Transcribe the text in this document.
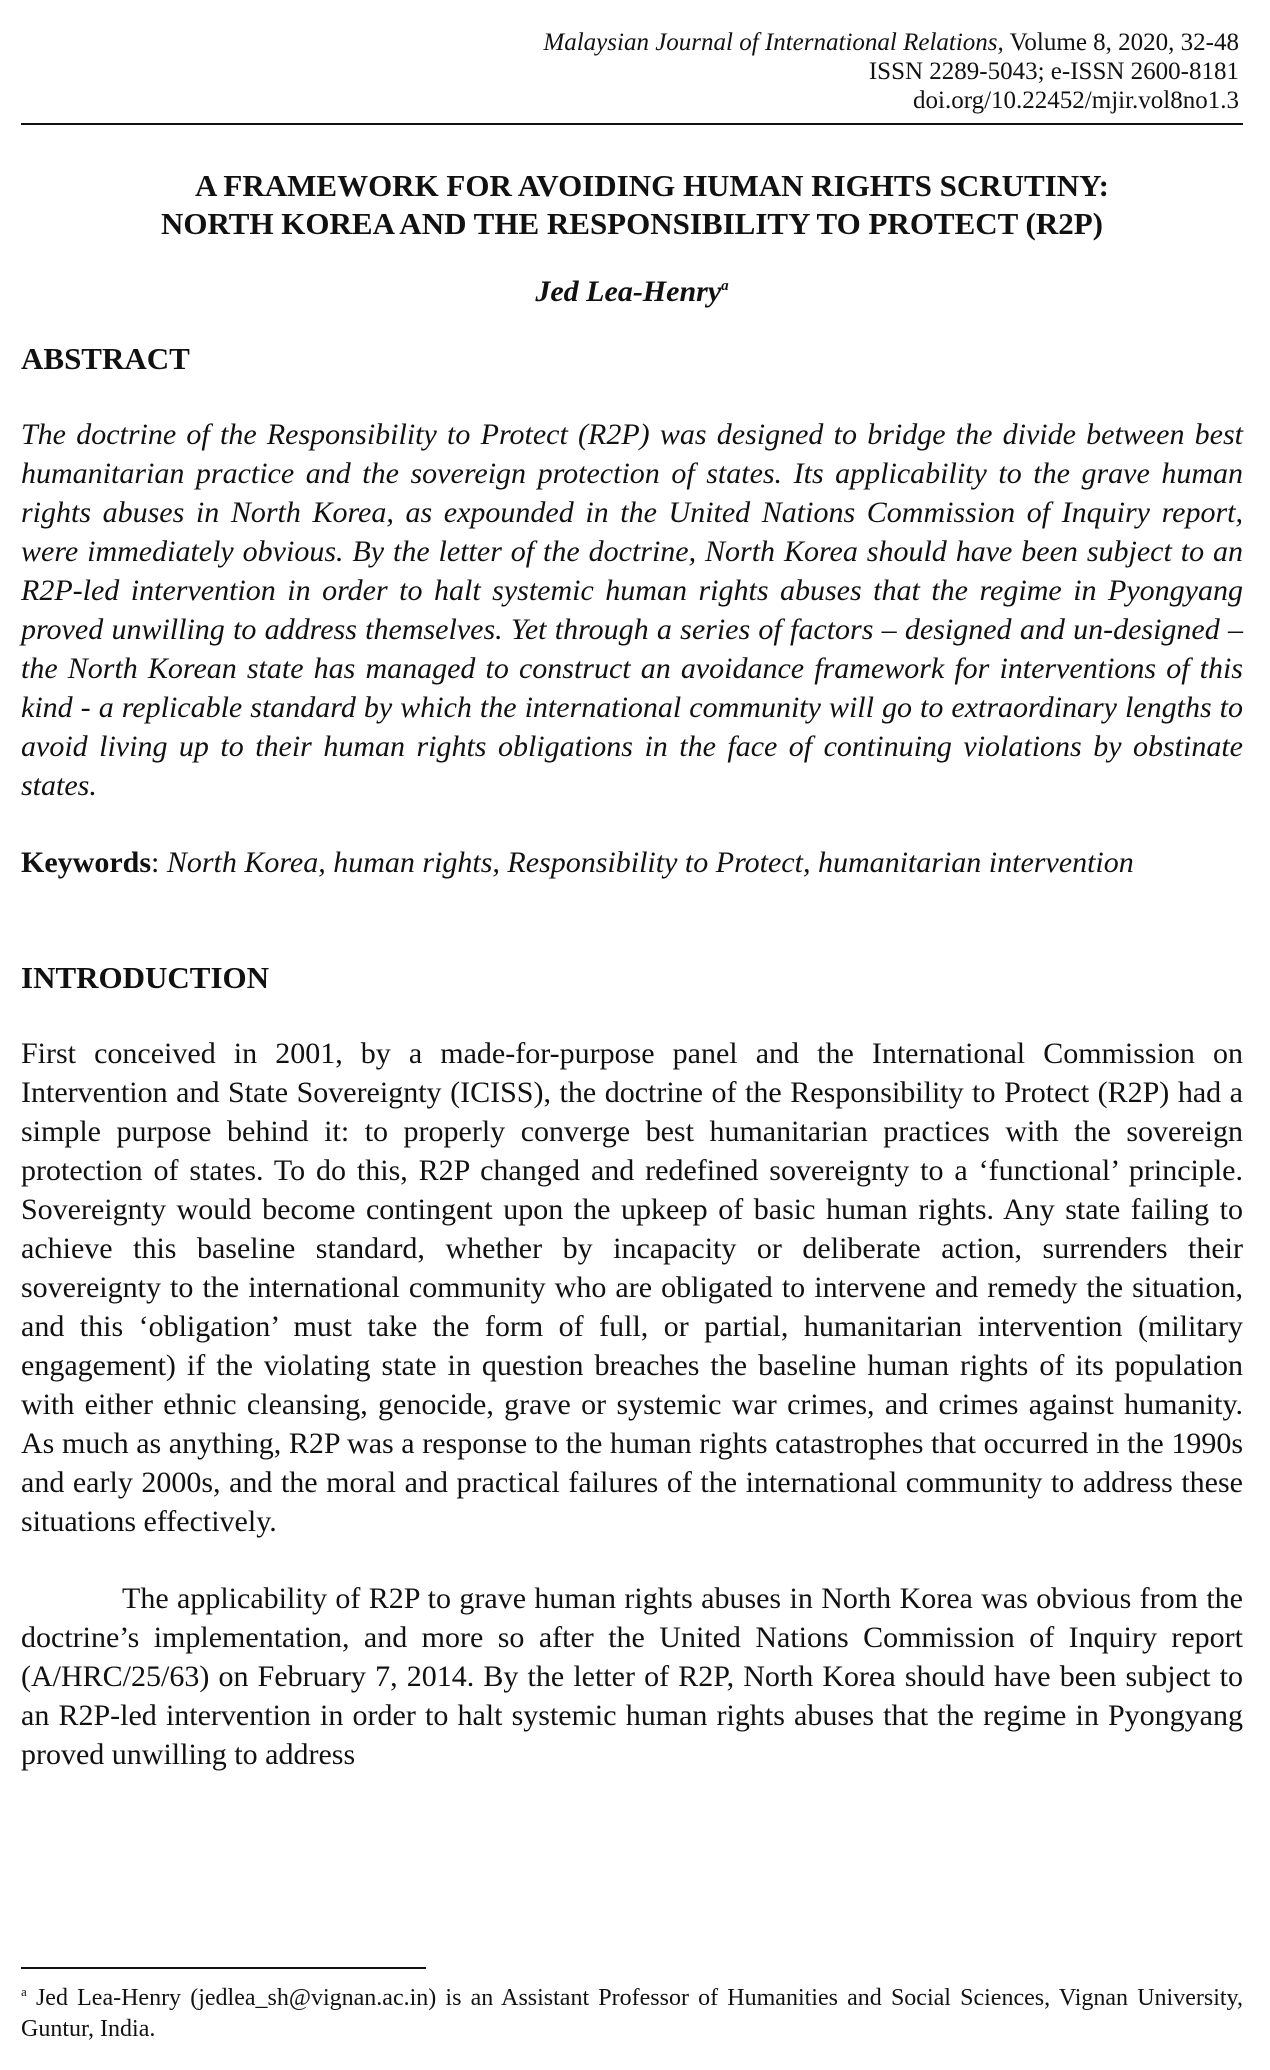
Malaysian Journal of International Relations, Volume 8, 2020, 32-48
ISSN 2289-5043; e-ISSN 2600-8181
doi.org/10.22452/mjir.vol8no1.3
A FRAMEWORK FOR AVOIDING HUMAN RIGHTS SCRUTINY:
NORTH KOREA AND THE RESPONSIBILITY TO PROTECT (R2P)
Jed Lea-Henry$^a$
ABSTRACT

The doctrine of the Responsibility to Protect (R2P) was designed to bridge the divide between best humanitarian practice and the sovereign protection of states. Its applicability to the grave human rights abuses in North Korea, as expounded in the United Nations Commission of Inquiry report, were immediately obvious. By the letter of the doctrine, North Korea should have been subject to an R2P-led intervention in order to halt systemic human rights abuses that the regime in Pyongyang proved unwilling to address themselves. Yet through a series of factors – designed and un-designed – the North Korean state has managed to construct an avoidance framework for interventions of this kind - a replicable standard by which the international community will go to extraordinary lengths to avoid living up to their human rights obligations in the face of continuing violations by obstinate states.

Keywords: North Korea, human rights, Responsibility to Protect, humanitarian intervention

INTRODUCTION

First conceived in 2001, by a made-for-purpose panel and the International Commission on Intervention and State Sovereignty (ICISS), the doctrine of the Responsibility to Protect (R2P) had a simple purpose behind it: to properly converge best humanitarian practices with the sovereign protection of states. To do this, R2P changed and redefined sovereignty to a ‘functional’ principle. Sovereignty would become contingent upon the upkeep of basic human rights. Any state failing to achieve this baseline standard, whether by incapacity or deliberate action, surrenders their sovereignty to the international community who are obligated to intervene and remedy the situation, and this ‘obligation’ must take the form of full, or partial, humanitarian intervention (military engagement) if the violating state in question breaches the baseline human rights of its population with either ethnic cleansing, genocide, grave or systemic war crimes, and crimes against humanity. As much as anything, R2P was a response to the human rights catastrophes that occurred in the 1990s and early 2000s, and the moral and practical failures of the international community to address these situations effectively.

The applicability of R2P to grave human rights abuses in North Korea was obvious from the doctrine’s implementation, and more so after the United Nations Commission of Inquiry report (A/HRC/25/63) on February 7, 2014. By the letter of R2P, North Korea should have been subject to an R2P-led intervention in order to halt systemic human rights abuses that the regime in Pyongyang proved unwilling to address

$^a$ Jed Lea-Henry (jedlea_sh@vignan.ac.in) is an Assistant Professor of Humanities and Social Sciences, Vignan University, Guntur, India.
